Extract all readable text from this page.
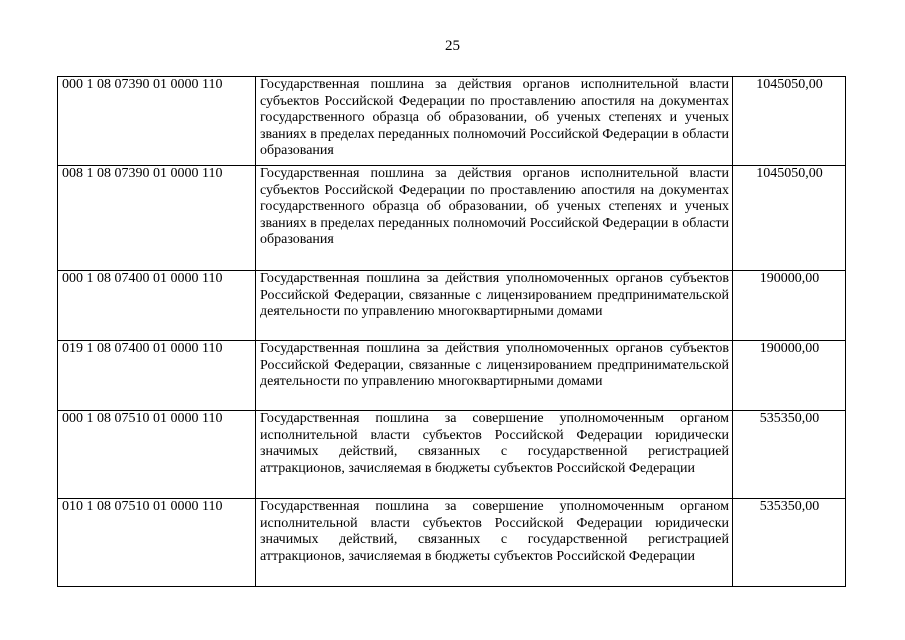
25
000 1 08 07390 01 0000 110	Государственная пошлина за действия органов исполнительной власти субъектов Российской Федерации по проставлению апостиля на документах государственного образца об образовании, об ученых степенях и ученых званиях в пределах переданных полномочий Российской Федерации в области образования	1045050,00
008 1 08 07390 01 0000 110	Государственная пошлина за действия органов исполнительной власти субъектов Российской Федерации по проставлению апостиля на документах государственного образца об образовании, об ученых степенях и ученых званиях в пределах переданных полномочий Российской Федерации в области образования	1045050,00
000 1 08 07400 01 0000 110	Государственная пошлина за действия уполномоченных органов субъектов Российской Федерации, связанные с лицензированием предпринимательской деятельности по управлению многоквартирными домами	190000,00
019 1 08 07400 01 0000 110	Государственная пошлина за действия уполномоченных органов субъектов Российской Федерации, связанные с лицензированием предпринимательской деятельности по управлению многоквартирными домами	190000,00
000 1 08 07510 01 0000 110	Государственная пошлина за совершение уполномоченным органом исполнительной власти субъектов Российской Федерации юридически значимых действий, связанных с государственной регистрацией аттракционов, зачисляемая в бюджеты субъектов Российской Федерации	535350,00
010 1 08 07510 01 0000 110	Государственная пошлина за совершение уполномоченным органом исполнительной власти субъектов Российской Федерации юридически значимых действий, связанных с государственной регистрацией аттракционов, зачисляемая в бюджеты субъектов Российской Федерации	535350,00
